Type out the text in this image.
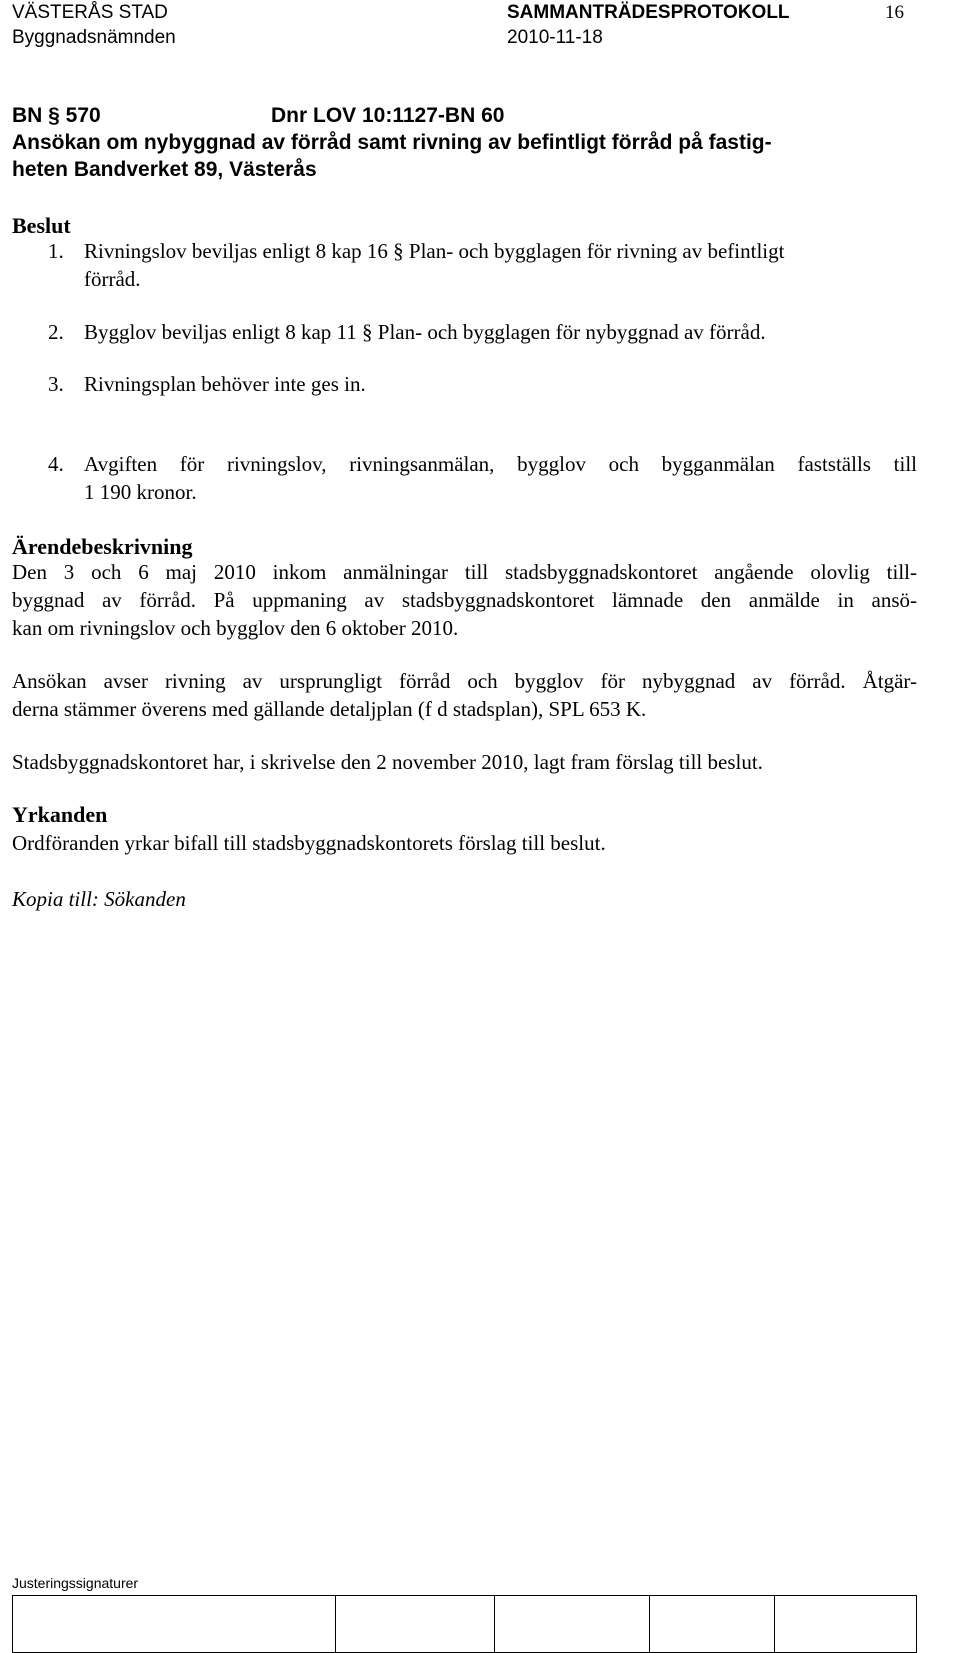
VÄSTERÅS STAD	SAMMANTRÄDESPROTOKOLL	16
Byggnadsnämnden	2010-11-18
BN § 570	Dnr LOV 10:1127-BN 60
Ansökan om nybyggnad av förråd samt rivning av befintligt förråd på fastig-
heten Bandverket 89, Västerås
Beslut
1. Rivningslov beviljas enligt 8 kap 16 § Plan- och bygglagen för rivning av befintligt
förråd.
2. Bygglov beviljas enligt 8 kap 11 § Plan- och bygglagen för nybyggnad av förråd.
3. Rivningsplan behöver inte ges in.
4. Avgiften för rivningslov, rivningsanmälan, bygglov och bygganmälan fastställs till
1 190 kronor.
Ärendebeskrivning
Den 3 och 6 maj 2010 inkom anmälningar till stadsbyggnadskontoret angående olovlig till-
byggnad av förråd. På uppmaning av stadsbyggnadskontoret lämnade den anmälde in ansö-
kan om rivningslov och bygglov den 6 oktober 2010.
Ansökan avser rivning av ursprungligt förråd och bygglov för nybyggnad av förråd. Åtgär-
derna stämmer överens med gällande detaljplan (f d stadsplan), SPL 653 K.
Stadsbyggnadskontoret har, i skrivelse den 2 november 2010, lagt fram förslag till beslut.
Yrkanden
Ordföranden yrkar bifall till stadsbyggnadskontorets förslag till beslut.
Kopia till: Sökanden
Justeringssignaturer
